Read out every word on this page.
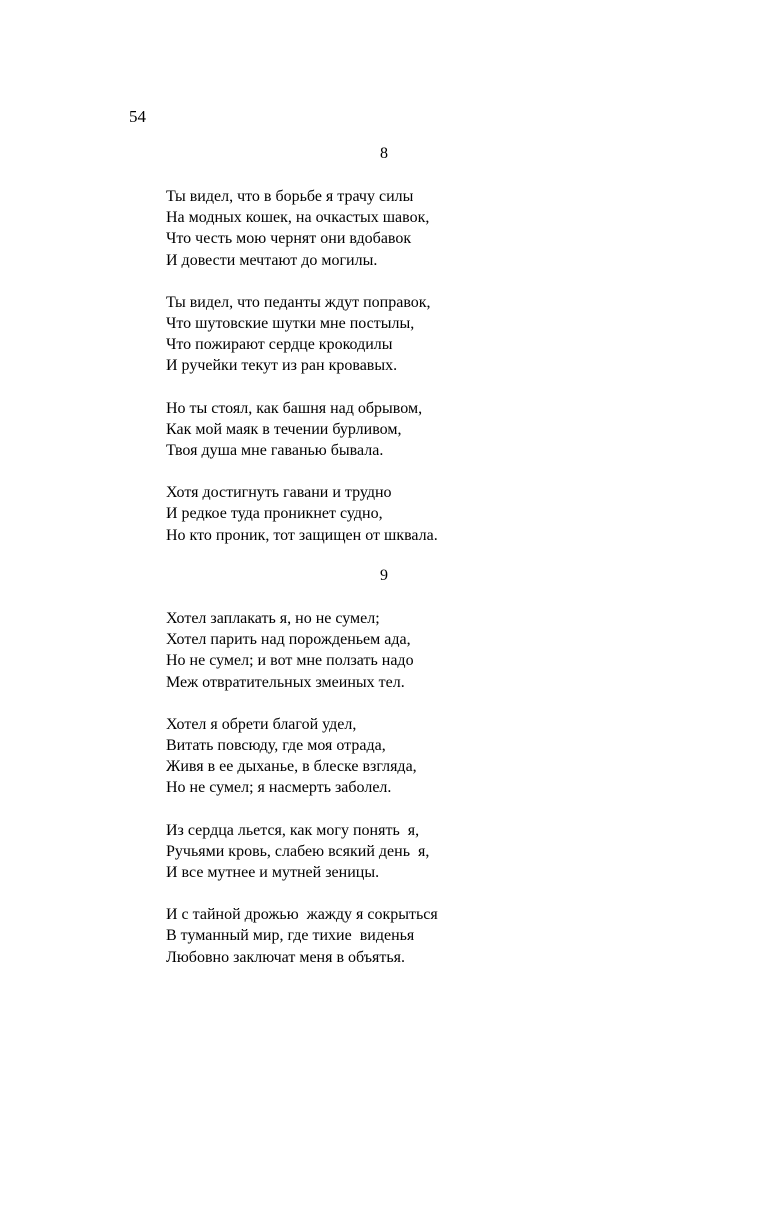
54

8

Ты видел, что в борьбе я трачу силы
На модных кошек, на очкастых шавок,
Что честь мою чернят они вдобавок
И довести мечтают до могилы.
Ты видел, что педанты ждут поправок,
Что шутовские шутки мне постылы,
Что пожирают сердце крокодилы
И ручейки текут из ран кровавых.
Но ты стоял, как башня над обрывом,
Как мой маяк в течении бурливом,
Твоя душа мне гаванью бывала.
Хотя достигнуть гавани и трудно
И редкое туда проникнет судно,
Но кто проник, тот защищен от шквала.

9

Хотел заплакать я, но не сумел;
Хотел парить над порожденьем ада,
Но не сумел; и вот мне ползать надо
Меж отвратительных змеиных тел.
Хотел я обрети благой удел,
Витать повсюду, где моя отрада,
Живя в ее дыханье, в блеске взгляда,
Но не сумел; я насмерть заболел.
Из сердца льется, как могу понять  я,
Ручьями кровь, слабею всякий день  я,
И все мутнее и мутней зеницы.
И с тайной дрожью  жажду я сокрыться
В туманный мир, где тихие  виденья
Любовно заключат меня в объятья.
